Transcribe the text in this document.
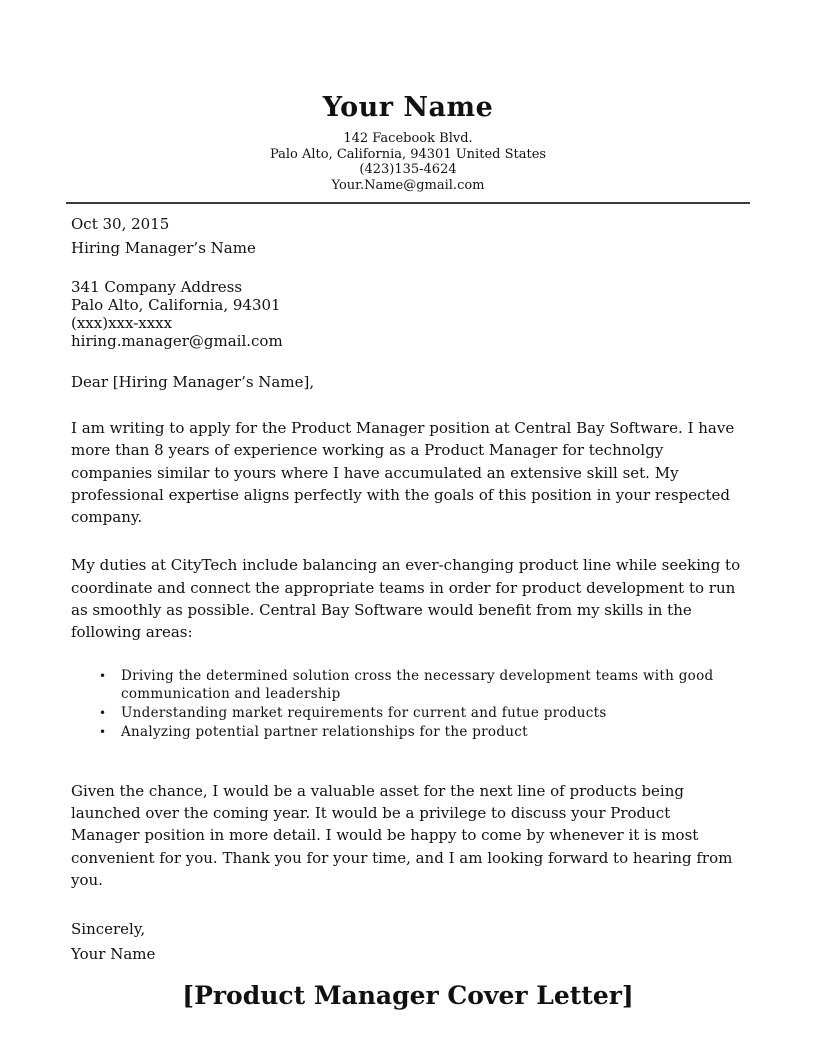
Your Name

142 Facebook Blvd.

Palo Alto, California, 94301 United States

(423)135-4624

Your.Name@gmail.com

Oct 30, 2015
Hiring Manager’s Name

341 Company Address

Palo Alto, California, 94301

(xxx)xxx-xxxx

hiring.manager@gmail.com

Dear [Hiring Manager’s Name],

I am writing to apply for the Product Manager position at Central Bay Software. I have more than 8 years of experience working as a Product Manager for technolgy companies similar to yours where I have accumulated an extensive skill set. My professional expertise aligns perfectly with the goals of this position in your respected company.

My duties at CityTech include balancing an ever-changing product line while seeking to coordinate and connect the appropriate teams in order for product development to run as smoothly as possible. Central Bay Software would benefit from my skills in the following areas:

• Driving the determined solution cross the necessary development teams with good communication and leadership
• Understanding market requirements for current and futue products
• Analyzing potential partner relationships for the product

Given the chance, I would be a valuable asset for the next line of products being launched over the coming year. It would be a privilege to discuss your Product Manager position in more detail. I would be happy to come by whenever it is most convenient for you. Thank you for your time, and I am looking forward to hearing from you.

Sincerely,
Your Name
[Product Manager Cover Letter]
